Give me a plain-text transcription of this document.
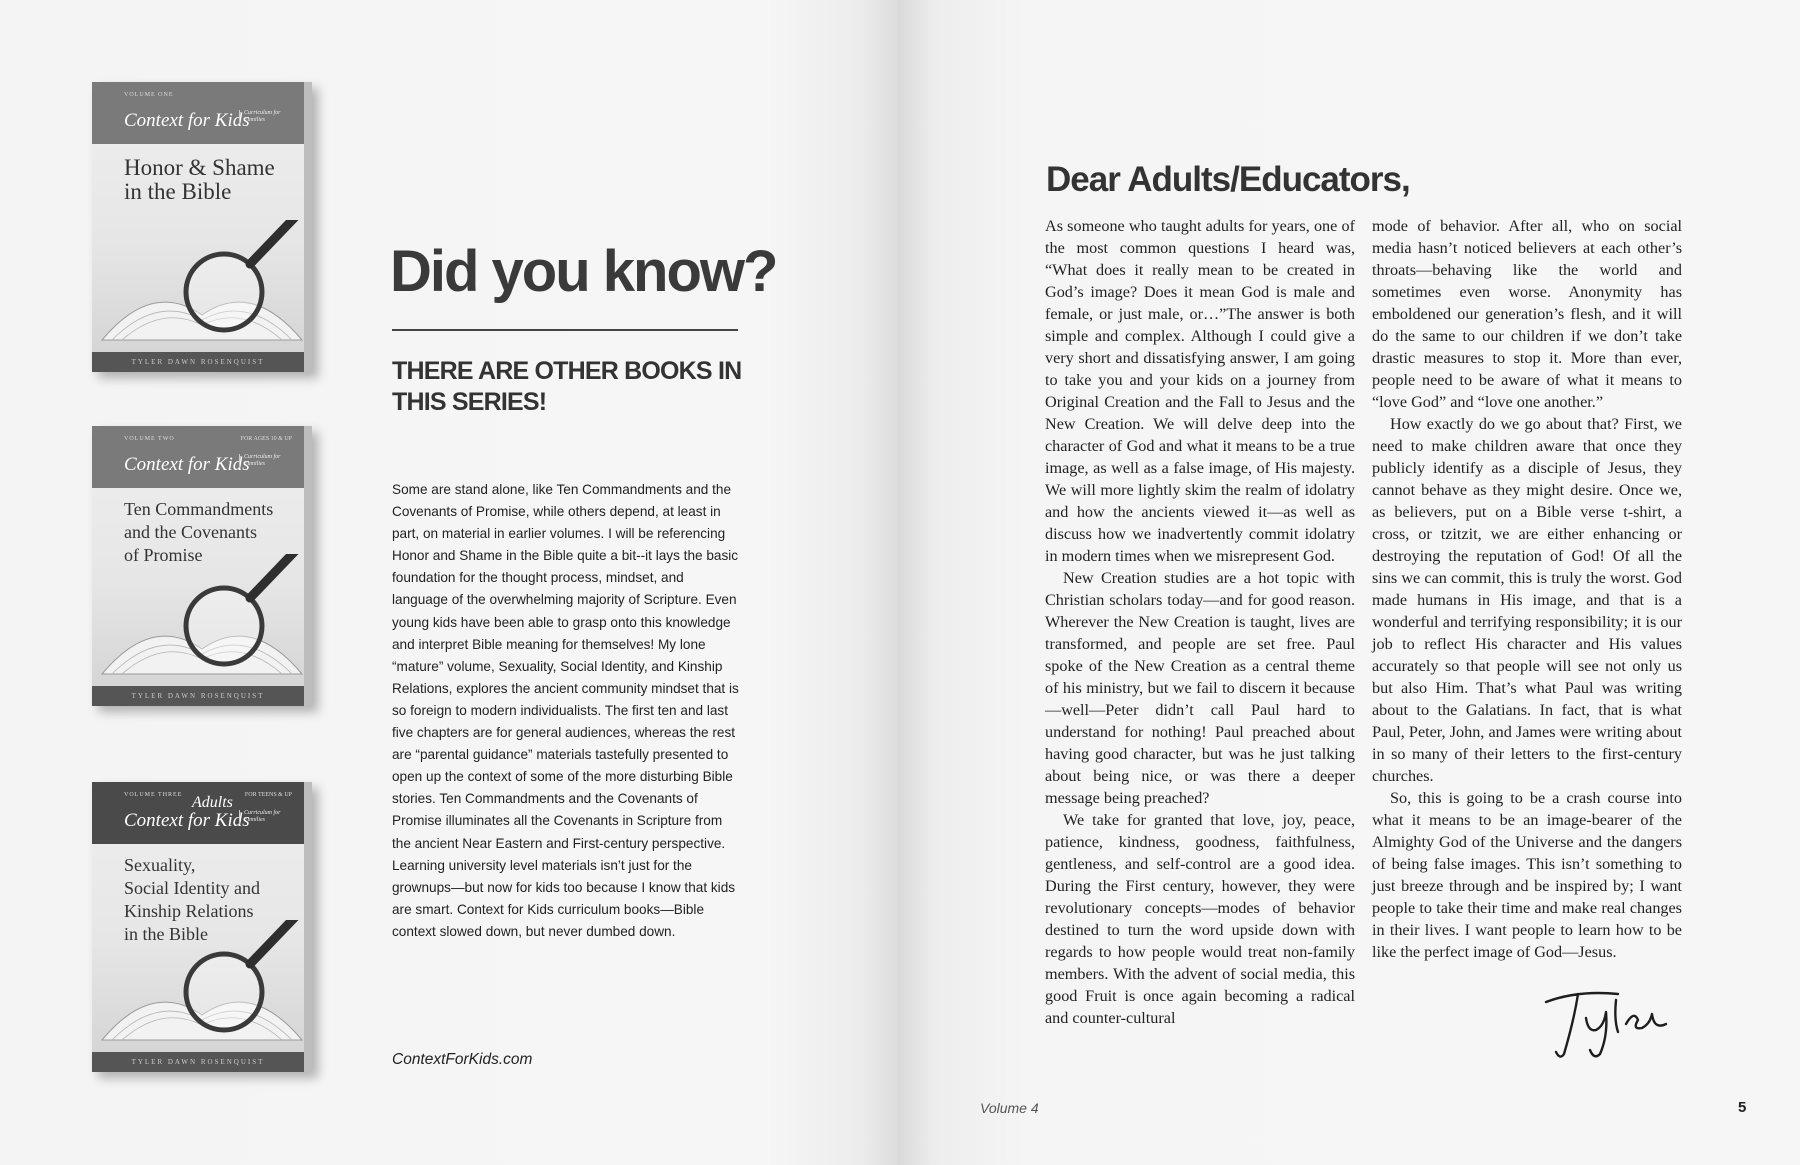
VOLUME ONE
Context for Kids
Curriculum for Families
Honor & Shame
in the Bible
TYLER DAWN ROSENQUIST
VOLUME TWO	FOR AGES 10 & UP
Context for Kids
Curriculum for Families
Ten Commandments
and the Covenants
of Promise
TYLER DAWN ROSENQUIST
VOLUME THREE	FOR TEENS & UP
Context for Kids
Adults
Curriculum for Families
Sexuality,
Social Identity and
Kinship Relations
in the Bible
TYLER DAWN ROSENQUIST
Did you know?
THERE ARE OTHER BOOKS IN THIS SERIES!

Some are stand alone, like Ten Commandments and the Covenants of Promise, while others depend, at least in part, on material in earlier volumes. I will be referencing Honor and Shame in the Bible quite a bit--it lays the basic foundation for the thought process, mindset, and language of the overwhelming majority of Scripture. Even young kids have been able to grasp onto this knowledge and interpret Bible meaning for themselves! My lone “mature” volume, Sexuality, Social Identity, and Kinship Relations, explores the ancient community mindset that is so foreign to modern individualists. The first ten and last five chapters are for general audiences, whereas the rest are “parental guidance” materials tastefully presented to open up the context of some of the more disturbing Bible stories. Ten Commandments and the Covenants of Promise illuminates all the Covenants in Scripture from the ancient Near Eastern and First-century perspective. Learning university level materials isn’t just for the grownups—but now for kids too because I know that kids are smart. Context for Kids curriculum books—Bible context slowed down, but never dumbed down.

ContextForKids.com
Dear Adults/Educators,

As someone who taught adults for years, one of the most common questions I heard was, “What does it really mean to be created in God’s image? Does it mean God is male and female, or just male, or…”The answer is both simple and complex. Although I could give a very short and dissatisfying answer, I am going to take you and your kids on a journey from Original Creation and the Fall to Jesus and the New Creation. We will delve deep into the character of God and what it means to be a true image, as well as a false image, of His majesty. We will more lightly skim the realm of idolatry and how the ancients viewed it—as well as discuss how we inadvertently commit idolatry in modern times when we misrepresent God.

New Creation studies are a hot topic with Christian scholars today—and for good reason. Wherever the New Creation is taught, lives are transformed, and people are set free. Paul spoke of the New Creation as a central theme of his ministry, but we fail to discern it because—well—Peter didn’t call Paul hard to understand for nothing! Paul preached about having good character, but was he just talking about being nice, or was there a deeper message being preached?

We take for granted that love, joy, peace, patience, kindness, goodness, faithfulness, gentleness, and self-control are a good idea. During the First century, however, they were revolutionary concepts—modes of behavior destined to turn the word upside down with regards to how people would treat non-family members. With the advent of social media, this good Fruit is once again becoming a radical and counter-cultural

mode of behavior. After all, who on social media hasn’t noticed believers at each other’s throats—behaving like the world and sometimes even worse. Anonymity has emboldened our generation’s flesh, and it will do the same to our children if we don’t take drastic measures to stop it. More than ever, people need to be aware of what it means to “love God” and “love one another.”

How exactly do we go about that? First, we need to make children aware that once they publicly identify as a disciple of Jesus, they cannot behave as they might desire. Once we, as believers, put on a Bible verse t-shirt, a cross, or tzitzit, we are either enhancing or destroying the reputation of God! Of all the sins we can commit, this is truly the worst. God made humans in His image, and that is a wonderful and terrifying responsibility; it is our job to reflect His character and His values accurately so that people will see not only us but also Him. That’s what Paul was writing about to the Galatians. In fact, that is what Paul, Peter, John, and James were writing about in so many of their letters to the first-century churches.

So, this is going to be a crash course into what it means to be an image-bearer of the Almighty God of the Universe and the dangers of being false images. This isn’t something to just breeze through and be inspired by; I want people to take their time and make real changes in their lives. I want people to learn how to be like the perfect image of God—Jesus.

Volume 4	5
